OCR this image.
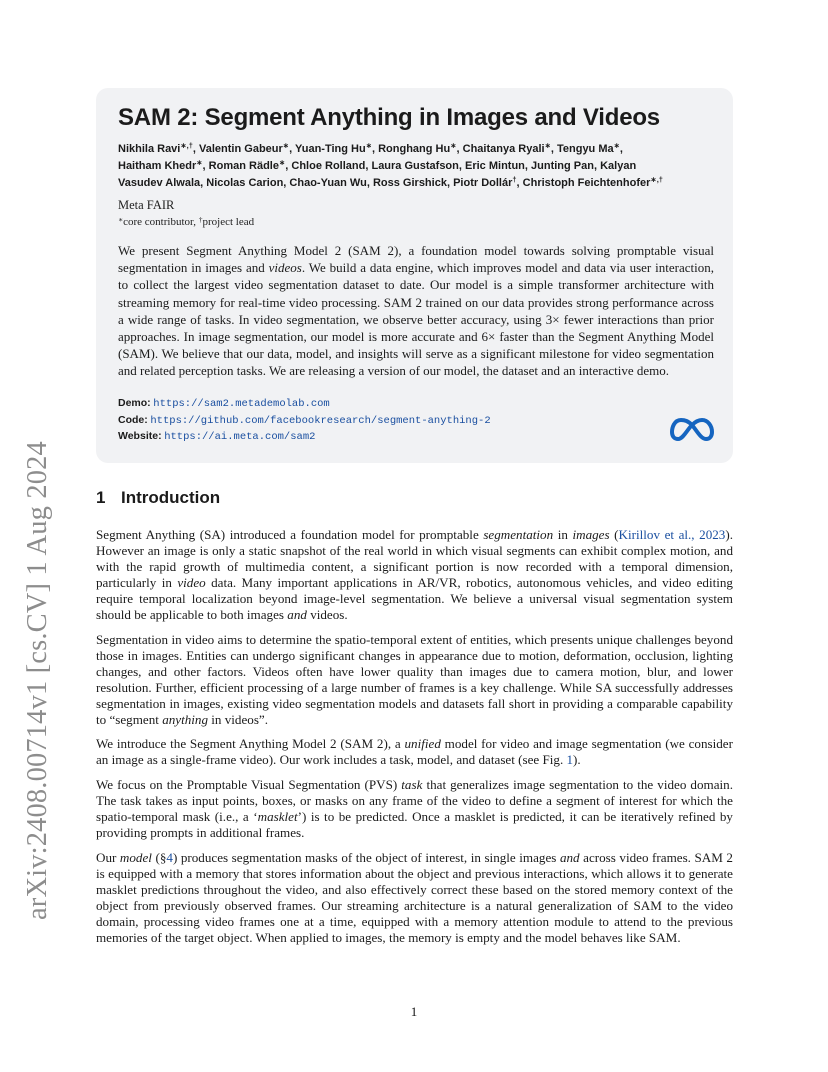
arXiv:2408.00714v1 [cs.CV] 1 Aug 2024
SAM 2: Segment Anything in Images and Videos
Nikhila Ravi∗,†, Valentin Gabeur∗, Yuan-Ting Hu∗, Ronghang Hu∗, Chaitanya Ryali∗, Tengyu Ma∗,
Haitham Khedr∗, Roman Rädle∗, Chloe Rolland, Laura Gustafson, Eric Mintun, Junting Pan, Kalyan
Vasudev Alwala, Nicolas Carion, Chao-Yuan Wu, Ross Girshick, Piotr Dollár†, Christoph Feichtenhofer∗,†
Meta FAIR
∗core contributor, †project lead

We present Segment Anything Model 2 (SAM 2), a foundation model towards solving promptable visual segmentation in images and videos. We build a data engine, which improves model and data via user interaction, to collect the largest video segmentation dataset to date. Our model is a simple transformer architecture with streaming memory for real-time video processing. SAM 2 trained on our data provides strong performance across a wide range of tasks. In video segmentation, we observe better accuracy, using 3× fewer interactions than prior approaches. In image segmentation, our model is more accurate and 6× faster than the Segment Anything Model (SAM). We believe that our data, model, and insights will serve as a significant milestone for video segmentation and related perception tasks. We are releasing a version of our model, the dataset and an interactive demo.

Demo: https://sam2.metademolab.com
Code: https://github.com/facebookresearch/segment-anything-2
Website: https://ai.meta.com/sam2
1 Introduction

Segment Anything (SA) introduced a foundation model for promptable segmentation in images (Kirillov et al., 2023). However an image is only a static snapshot of the real world in which visual segments can exhibit complex motion, and with the rapid growth of multimedia content, a significant portion is now recorded with a temporal dimension, particularly in video data. Many important applications in AR/VR, robotics, autonomous vehicles, and video editing require temporal localization beyond image-level segmentation. We believe a universal visual segmentation system should be applicable to both images and videos.

Segmentation in video aims to determine the spatio-temporal extent of entities, which presents unique challenges beyond those in images. Entities can undergo significant changes in appearance due to motion, deformation, occlusion, lighting changes, and other factors. Videos often have lower quality than images due to camera motion, blur, and lower resolution. Further, efficient processing of a large number of frames is a key challenge. While SA successfully addresses segmentation in images, existing video segmentation models and datasets fall short in providing a comparable capability to “segment anything in videos”.

We introduce the Segment Anything Model 2 (SAM 2), a unified model for video and image segmentation (we consider an image as a single-frame video). Our work includes a task, model, and dataset (see Fig. 1).

We focus on the Promptable Visual Segmentation (PVS) task that generalizes image segmentation to the video domain. The task takes as input points, boxes, or masks on any frame of the video to define a segment of interest for which the spatio-temporal mask (i.e., a ‘masklet’) is to be predicted. Once a masklet is predicted, it can be iteratively refined by providing prompts in additional frames.

Our model (§4) produces segmentation masks of the object of interest, in single images and across video frames. SAM 2 is equipped with a memory that stores information about the object and previous interactions, which allows it to generate masklet predictions throughout the video, and also effectively correct these based on the stored memory context of the object from previously observed frames. Our streaming architecture is a natural generalization of SAM to the video domain, processing video frames one at a time, equipped with a memory attention module to attend to the previous memories of the target object. When applied to images, the memory is empty and the model behaves like SAM.

1
